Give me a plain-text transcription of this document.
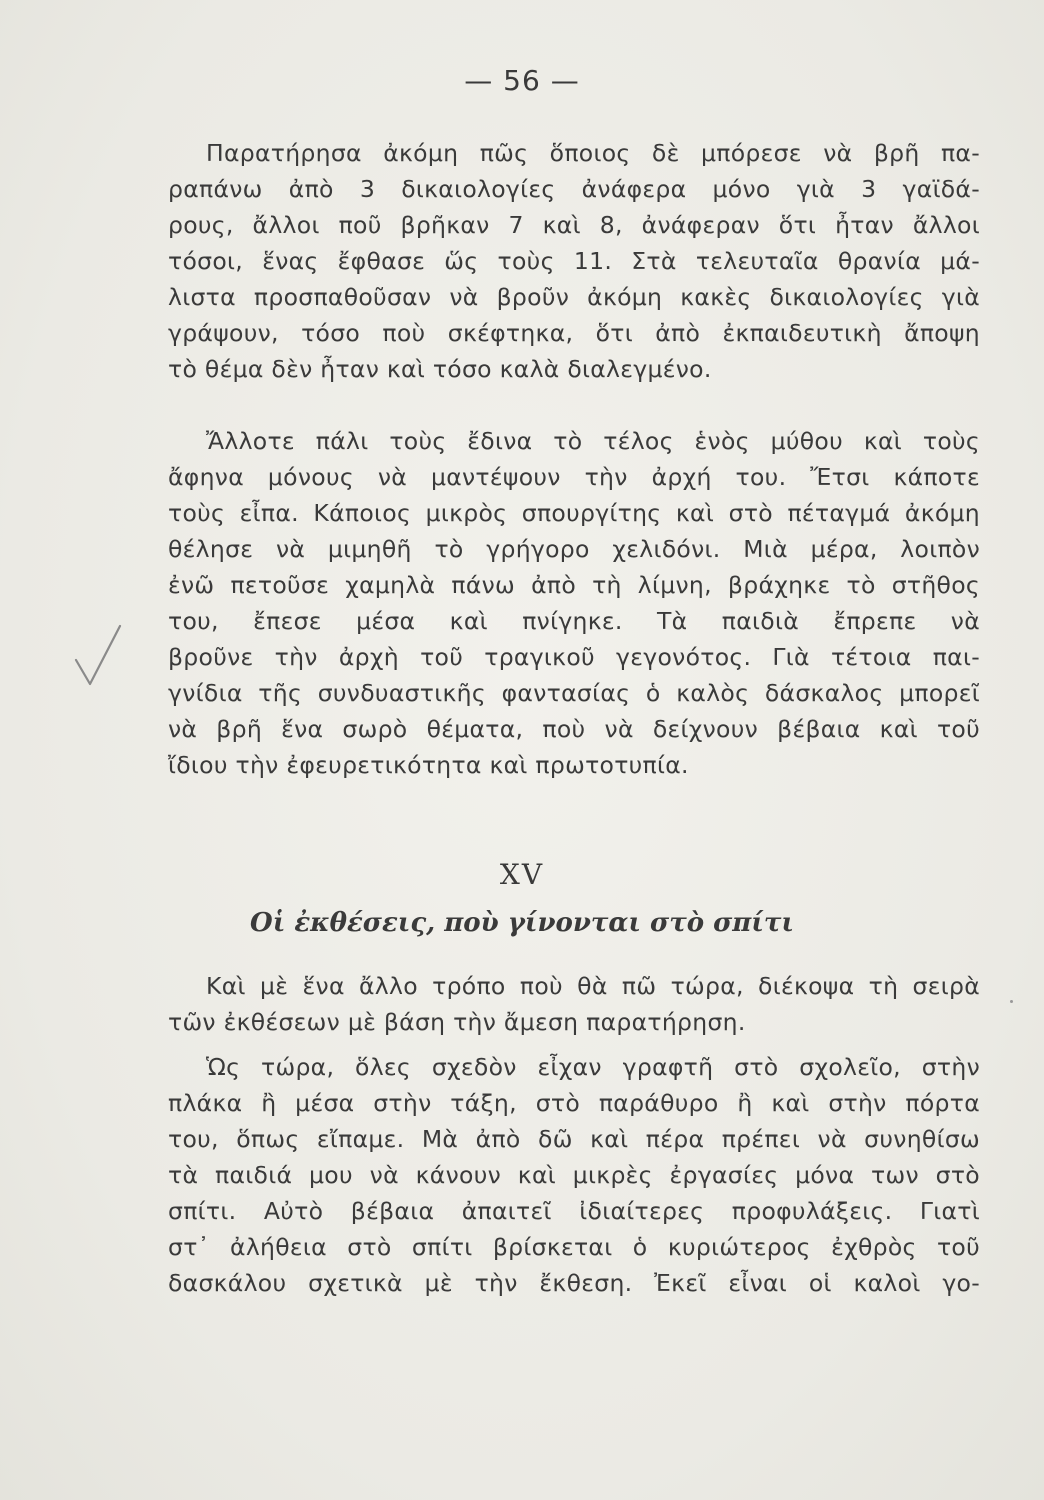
— 56 —
Παρατήρησα ἀκόμη πῶς ὅποιος δὲ μπόρεσε νὰ βρῆ πα-
ραπάνω ἀπὸ 3 δικαιολογίες ἀνάφερα μόνο γιὰ 3 γαϊδά-
ρους, ἄλλοι ποῦ βρῆκαν 7 καὶ 8, ἀνάφεραν ὅτι ἦταν ἄλλοι
τόσοι, ἕνας ἔφθασε ὥς τοὺς 11. Στὰ τελευταῖα θρανία μά-
λιστα προσπαθοῦσαν νὰ βροῦν ἀκόμη κακὲς δικαιολογίες γιὰ
γράψουν, τόσο ποὺ σκέφτηκα, ὅτι ἀπὸ ἐκπαιδευτικὴ ἄποψη
τὸ θέμα δὲν ἦταν καὶ τόσο καλὰ διαλεγμένο.
Ἄλλοτε πάλι τοὺς ἔδινα τὸ τέλος ἑνὸς μύθου καὶ τοὺς
ἄφηνα μόνους νὰ μαντέψουν τὴν ἀρχή του. Ἔτσι κάποτε
τοὺς εἶπα. Κάποιος μικρὸς σπουργίτης καὶ στὸ πέταγμά ἀκόμη
θέλησε νὰ μιμηθῆ τὸ γρήγορο χελιδόνι. Μιὰ μέρα, λοιπὸν
ἐνῶ πετοῦσε χαμηλὰ πάνω ἀπὸ τὴ λίμνη, βράχηκε τὸ στῆθος
του, ἔπεσε μέσα καὶ πνίγηκε. Τὰ παιδιὰ ἔπρεπε νὰ
βροῦνε τὴν ἀρχὴ τοῦ τραγικοῦ γεγονότος. Γιὰ τέτοια παι-
γνίδια τῆς συνδυαστικῆς φαντασίας ὁ καλὸς δάσκαλος μπορεῖ
νὰ βρῆ ἕνα σωρὸ θέματα, ποὺ νὰ δείχνουν βέβαια καὶ τοῦ
ἴδιου τὴν ἐφευρετικότητα καὶ πρωτοτυπία.
XV
Οἱ ἐκθέσεις, ποὺ γίνονται στὸ σπίτι
Καὶ μὲ ἕνα ἄλλο τρόπο ποὺ θὰ πῶ τώρα, διέκοψα τὴ σειρὰ
τῶν ἐκθέσεων μὲ βάση τὴν ἄμεση παρατήρηση.
Ὡς τώρα, ὅλες σχεδὸν εἶχαν γραφτῆ στὸ σχολεῖο, στὴν
πλάκα ἢ μέσα στὴν τάξη, στὸ παράθυρο ἢ καὶ στὴν πόρτα
του, ὅπως εἴπαμε. Μὰ ἀπὸ δῶ καὶ πέρα πρέπει νὰ συνηθίσω
τὰ παιδιά μου νὰ κάνουν καὶ μικρὲς ἐργασίες μόνα των στὸ
σπίτι. Αὐτὸ βέβαια ἀπαιτεῖ ἰδιαίτερες προφυλάξεις. Γιατὶ
στ᾿ ἀλήθεια στὸ σπίτι βρίσκεται ὁ κυριώτερος ἐχθρὸς τοῦ
δασκάλου σχετικὰ μὲ τὴν ἔκθεση. Ἐκεῖ εἶναι οἱ καλοὶ γο-
